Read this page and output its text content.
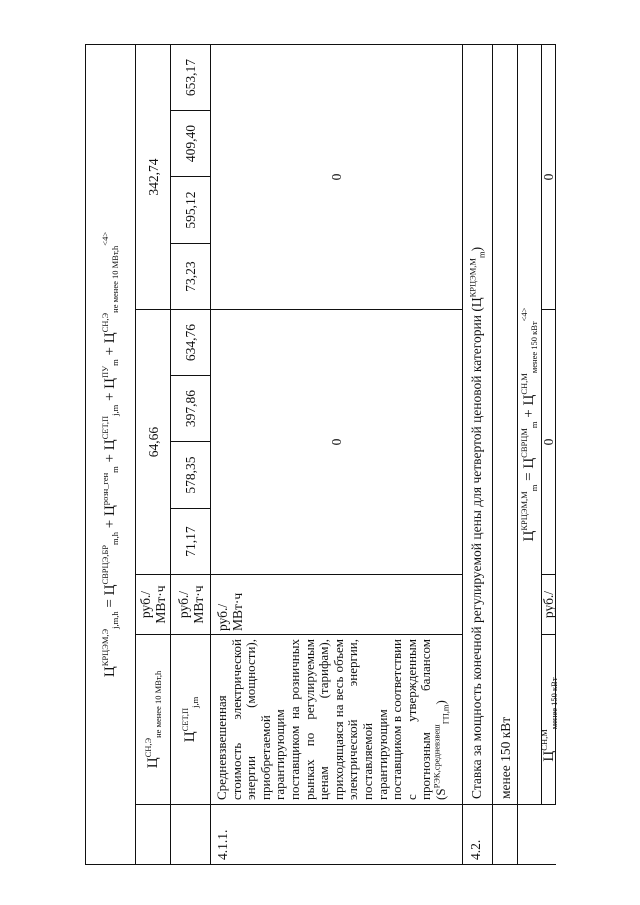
$Ц^{КРЦЭМ,Э}_{j,m,h} = Ц^{СВРЦЭ,БР}_{m,h} + Ц^{розн\_ген}_m + Ц^{СЕТ,П}_{j,m} + Ц^{ПУ}_m + Ц^{СН,Э}_{не менее 10 МВт,h}^{<4>}$
$Ц^{СН,Э}_{не менее 10 МВт,h}$
руб./ МВт·ч
64,66
342,74
$Ц^{СЕТ,П}_{j,m}$
руб./МВт·ч
71,17
578,35
397,86
634,76
73,23
595,12
409,40
653,17
4.1.1.
Средневзвешенная стоимость электрической энергии (мощности), приобретаемой гарантирующим поставщиком на розничных рынках по регулируемым ценам (тарифам), приходящаяся на весь объем электрической энергии, поставляемой гарантирующим поставщиком в соответствии с утвержденным прогнозным балансом $(S^{РЭК,средневзвеш}_{ГП,m})$
руб./МВт·ч
0
0
4.2.
Ставка за мощность конечной регулируемой цены для четвертой ценовой категории $(Ц^{КРЦЭМ,М}_m)$
менее 150 кВт
$Ц^{КРЦЭМ,М}_m = Ц^{СВРЦМ}_m + Ц^{СН,М}_{менее 150 кВт}^{<4>}$
$Ц^{СН,М}_{менее 150 кВт}$
руб./
0
0
